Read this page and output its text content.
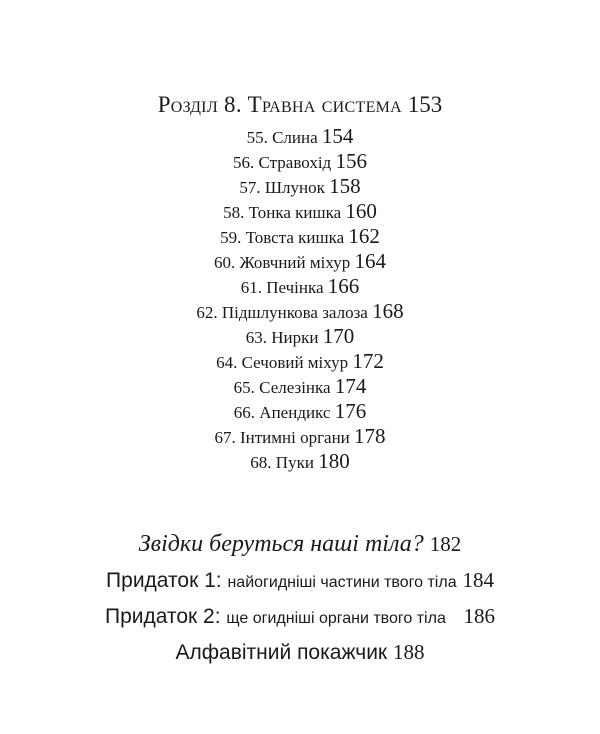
Розділ 8. Травна система 153
55. Слина 154
56. Стравохід 156
57. Шлунок 158
58. Тонка кишка 160
59. Товста кишка 162
60. Жовчний міхур 164
61. Печінка 166
62. Підшлункова залоза 168
63. Нирки 170
64. Сечовий міхур 172
65. Селезінка 174
66. Апендикс 176
67. Інтимні органи 178
68. Пуки 180
Звідки беруться наші тіла? 182
Придаток 1: найогидніші частини твого тіла 184
Придаток 2: ще огидніші органи твого тіла 186
Алфавітний покажчик 188
